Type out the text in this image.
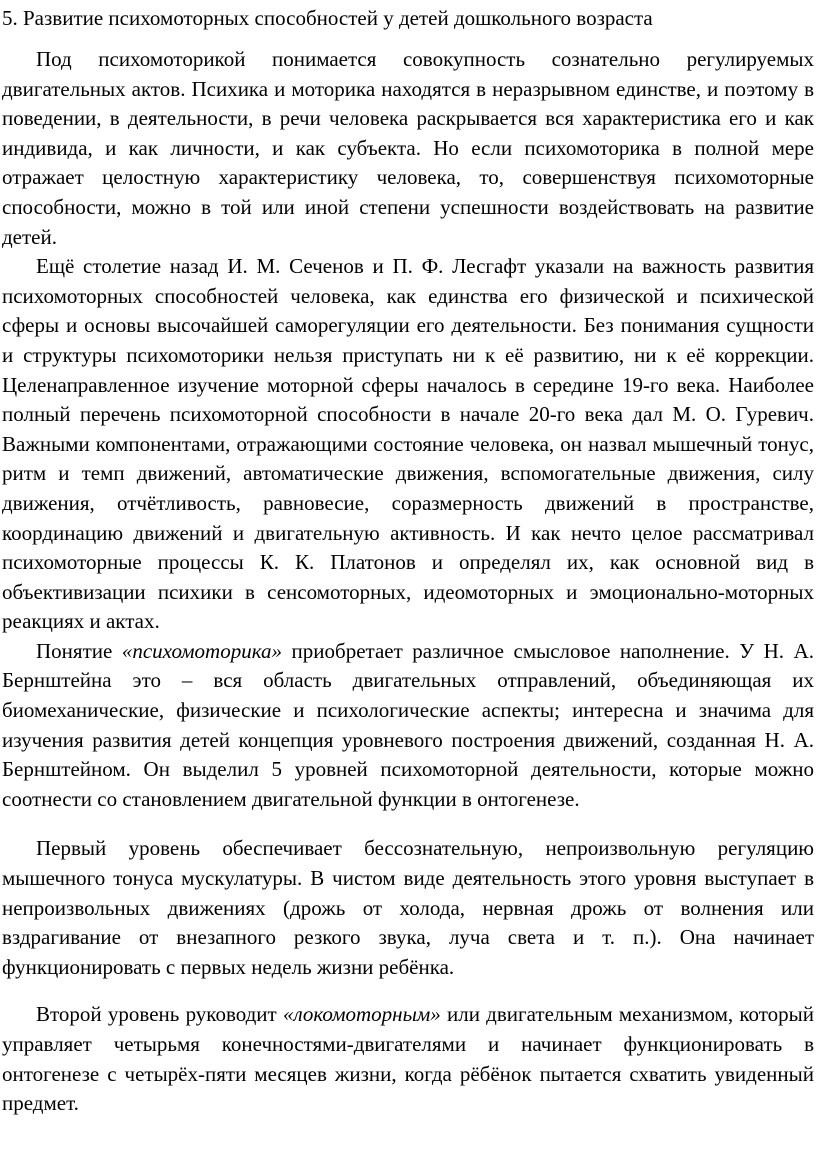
5. Развитие психомоторных способностей у детей дошкольного возраста

Под психомоторикой понимается совокупность сознательно регулируемых двигательных актов. Психика и моторика находятся в неразрывном единстве, и поэтому в поведении, в деятельности, в речи человека раскрывается вся характеристика его и как индивида, и как личности, и как субъекта. Но если психомоторика в полной мере отражает целостную характеристику человека, то, совершенствуя психомоторные способности, можно в той или иной степени успешности воздействовать на развитие детей.

Ещё столетие назад И. М. Сеченов и П. Ф. Лесгафт указали на важность развития психомоторных способностей человека, как единства его физической и психической сферы и основы высочайшей саморегуляции его деятельности. Без понимания сущности и структуры психомоторики нельзя приступать ни к её развитию, ни к её коррекции. Целенаправленное изучение моторной сферы началось в середине 19-го века. Наиболее полный перечень психомоторной способности в начале 20-го века дал М. О. Гуревич. Важными компонентами, отражающими состояние человека, он назвал мышечный тонус, ритм и темп движений, автоматические движения, вспомогательные движения, силу движения, отчётливость, равновесие, соразмерность движений в пространстве, координацию движений и двигательную активность. И как нечто целое рассматривал психомоторные процессы К. К. Платонов и определял их, как основной вид в объективизации психики в сенсомоторных, идеомоторных и эмоционально-моторных реакциях и актах.

Понятие «психомоторика» приобретает различное смысловое наполнение. У Н. А. Бернштейна это – вся область двигательных отправлений, объединяющая их биомеханические, физические и психологические аспекты; интересна и значима для изучения развития детей концепция уровневого построения движений, созданная Н. А. Бернштейном. Он выделил 5 уровней психомоторной деятельности, которые можно соотнести со становлением двигательной функции в онтогенезе.

Первый уровень обеспечивает бессознательную, непроизвольную регуляцию мышечного тонуса мускулатуры. В чистом виде деятельность этого уровня выступает в непроизвольных движениях (дрожь от холода, нервная дрожь от волнения или вздрагивание от внезапного резкого звука, луча света и т. п.). Она начинает функционировать с первых недель жизни ребёнка.

Второй уровень руководит «локомоторным» или двигательным механизмом, который управляет четырьмя конечностями-двигателями и начинает функционировать в онтогенезе с четырёх-пяти месяцев жизни, когда рёбёнок пытается схватить увиденный предмет.
